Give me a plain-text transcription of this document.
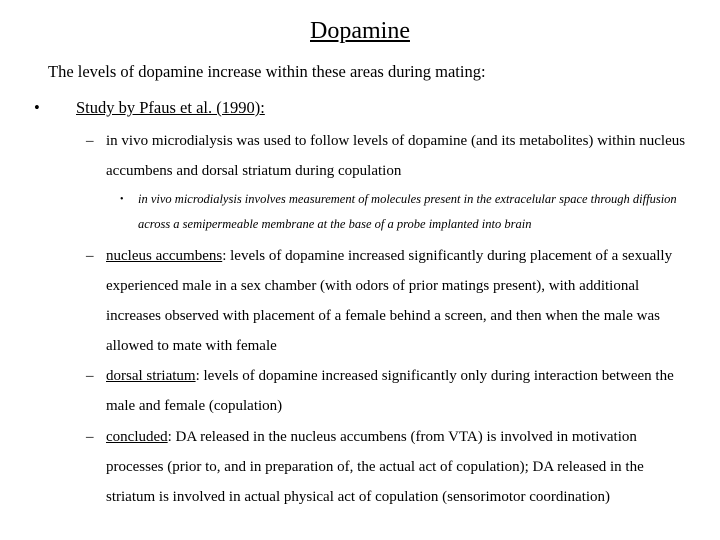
Dopamine
The levels of dopamine increase within these areas during mating:
• Study by Pfaus et al. (1990):
– in vivo microdialysis was used to follow levels of dopamine (and its metabolites) within nucleus accumbens and dorsal striatum during copulation
• in vivo microdialysis involves measurement of molecules present in the extracelular space through diffusion across a semipermeable membrane at the base of a probe implanted into brain
– nucleus accumbens: levels of dopamine increased significantly during placement of a sexually experienced male in a sex chamber (with odors of prior matings present), with additional increases observed with placement of a female behind a screen, and then when the male was allowed to mate with female
– dorsal striatum: levels of dopamine increased significantly only during interaction between the male and female (copulation)
– concluded: DA released in the nucleus accumbens (from VTA) is involved in motivation processes (prior to, and in preparation of, the actual act of copulation); DA released in the striatum is involved in actual physical act of copulation (sensorimotor coordination)
